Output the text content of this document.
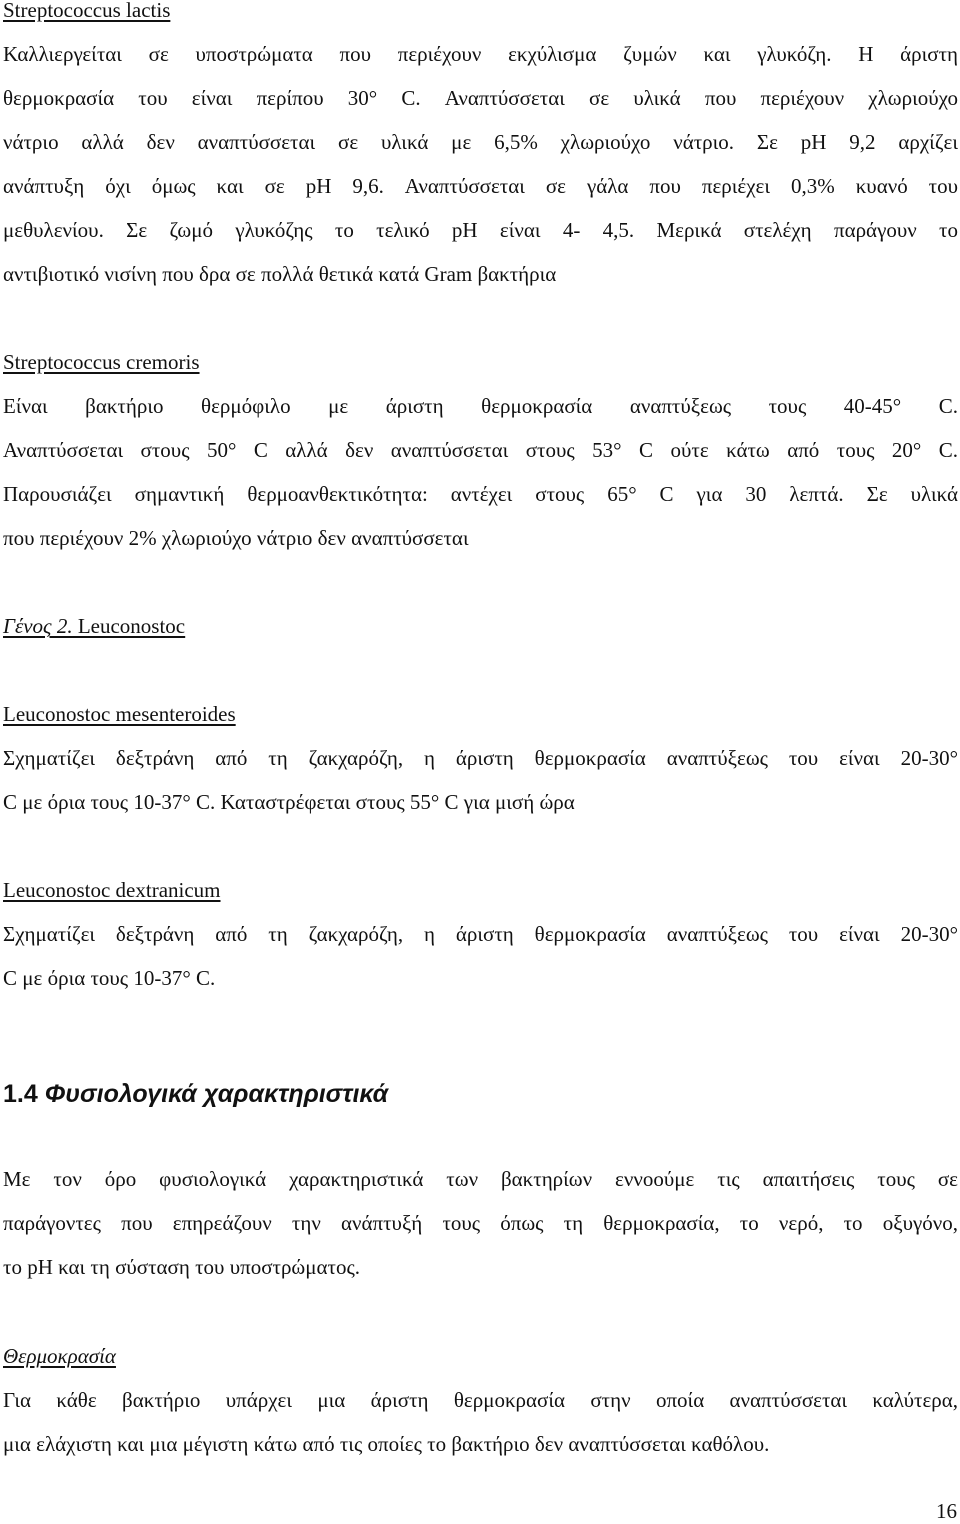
Streptococcus lactis
Καλλιεργείται σε υποστρώματα που περιέχουν εκχύλισμα ζυμών και γλυκόζη. Η άριστη
θερμοκρασία του είναι περίπου 30° C. Αναπτύσσεται σε υλικά που περιέχουν χλωριούχο
νάτριο αλλά δεν αναπτύσσεται σε υλικά με 6,5% χλωριούχο νάτριο. Σε pH 9,2 αρχίζει
ανάπτυξη όχι όμως και σε pH 9,6. Αναπτύσσεται σε γάλα που περιέχει 0,3% κυανό του
μεθυλενίου. Σε ζωμό γλυκόζης το τελικό pH είναι 4- 4,5. Μερικά στελέχη παράγουν το
αντιβιοτικό νισίνη που δρα σε πολλά θετικά κατά Gram βακτήρια
Streptococcus cremoris
Είναι βακτήριο θερμόφιλο με άριστη θερμοκρασία αναπτύξεως τους 40-45° C.
Αναπτύσσεται στους 50° C αλλά δεν αναπτύσσεται στους 53° C ούτε κάτω από τους 20° C.
Παρουσιάζει σημαντική θερμοανθεκτικότητα: αντέχει στους 65° C για 30 λεπτά. Σε υλικά
που περιέχουν 2% χλωριούχο νάτριο δεν αναπτύσσεται
Γένος 2. Leuconostoc
Leuconostoc mesenteroides
Σχηματίζει δεξτράνη από τη ζακχαρόζη, η άριστη θερμοκρασία αναπτύξεως του είναι 20-30°
C με όρια τους 10-37° C. Καταστρέφεται στους 55° C για μισή ώρα
Leuconostoc dextranicum
Σχηματίζει δεξτράνη από τη ζακχαρόζη, η άριστη θερμοκρασία αναπτύξεως του είναι 20-30°
C με όρια τους 10-37° C.
1.4 Φυσιολογικά χαρακτηριστικά
Με τον όρο φυσιολογικά χαρακτηριστικά των βακτηρίων εννοούμε τις απαιτήσεις τους σε
παράγοντες που επηρεάζουν την ανάπτυξή τους όπως τη θερμοκρασία, το νερό, το οξυγόνο,
το pH και τη σύσταση του υποστρώματος.
Θερμοκρασία
Για κάθε βακτήριο υπάρχει μια άριστη θερμοκρασία στην οποία αναπτύσσεται καλύτερα,
μια ελάχιστη και μια μέγιστη κάτω από τις οποίες το βακτήριο δεν αναπτύσσεται καθόλου.
16
